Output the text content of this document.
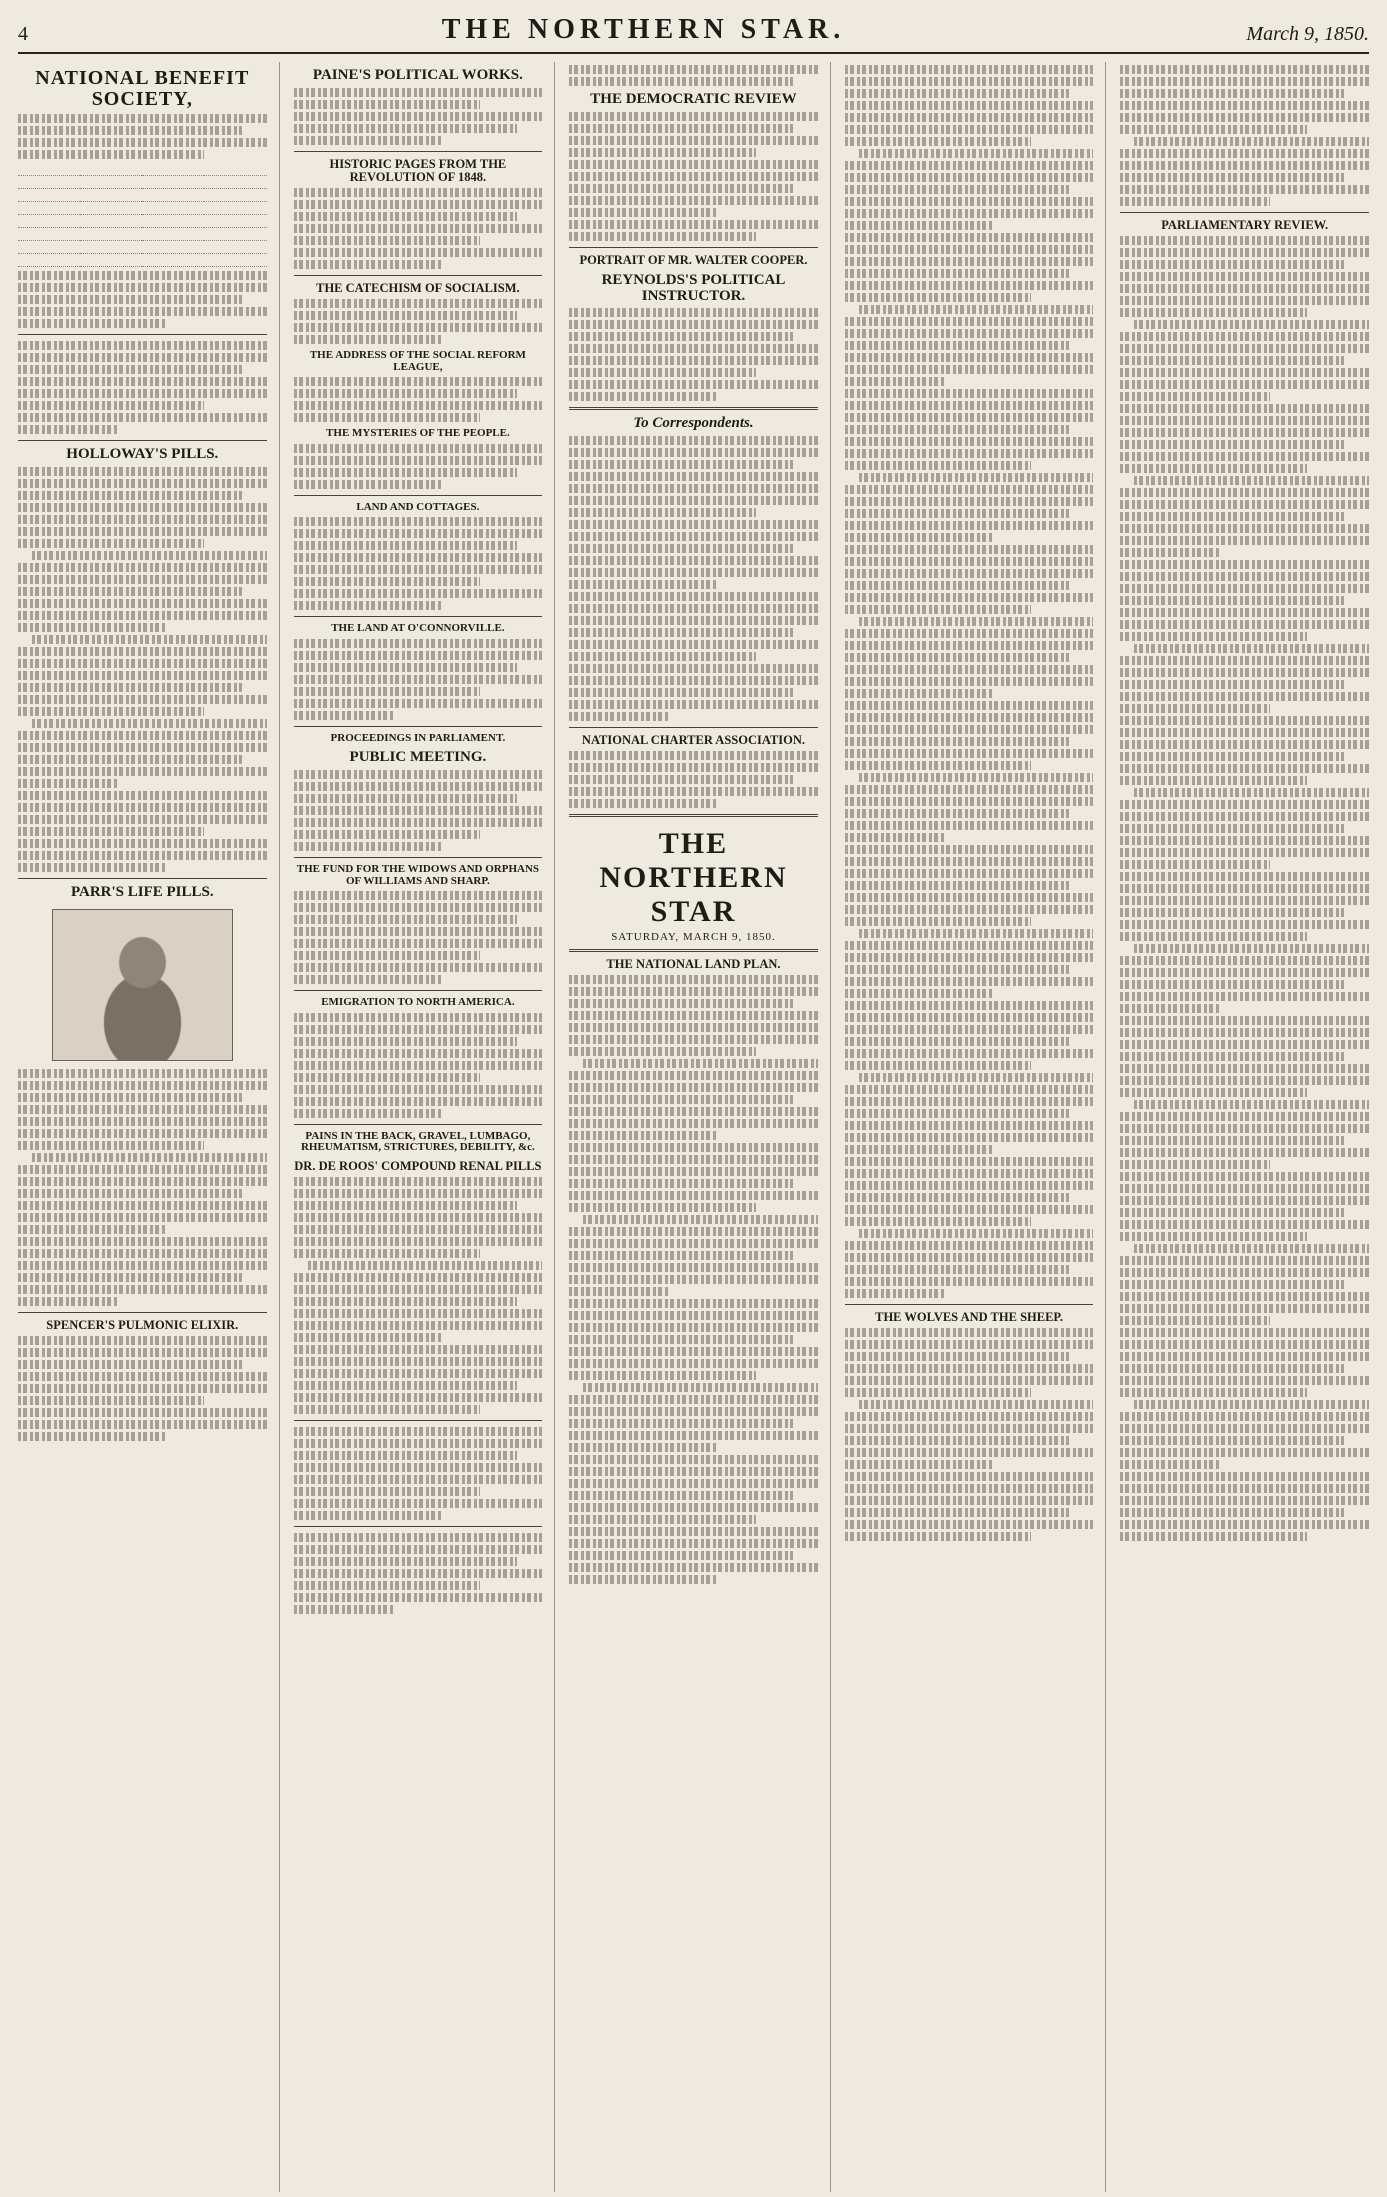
4	THE NORTHERN STAR.	March 9, 1850.
NATIONAL BENEFIT SOCIETY,

HOLLOWAY'S PILLS.
PARR'S LIFE PILLS.
SPENCER'S PULMONIC ELIXIR.
PAINE'S POLITICAL WORKS.
HISTORIC PAGES FROM THE REVOLUTION OF 1848.
THE CATECHISM OF SOCIALISM.
THE ADDRESS OF THE SOCIAL REFORM LEAGUE,
THE MYSTERIES OF THE PEOPLE.
LAND AND COTTAGES.
THE LAND AT O'CONNORVILLE.
PROCEEDINGS IN PARLIAMENT.
PUBLIC MEETING.
THE FUND FOR THE WIDOWS AND ORPHANS OF WILLIAMS AND SHARP.
EMIGRATION TO NORTH AMERICA.
PAINS IN THE BACK, GRAVEL, LUMBAGO, RHEUMATISM, STRICTURES, DEBILITY, &c.
DR. DE ROOS' COMPOUND RENAL PILLS
THE DEMOCRATIC REVIEW
PORTRAIT OF MR. WALTER COOPER.
REYNOLDS'S POLITICAL INSTRUCTOR.
To Correspondents.
NATIONAL CHARTER ASSOCIATION.
THE NORTHERN STAR
SATURDAY, MARCH 9, 1850.
THE NATIONAL LAND PLAN.
THE WOLVES AND THE SHEEP.
PARLIAMENTARY REVIEW.
